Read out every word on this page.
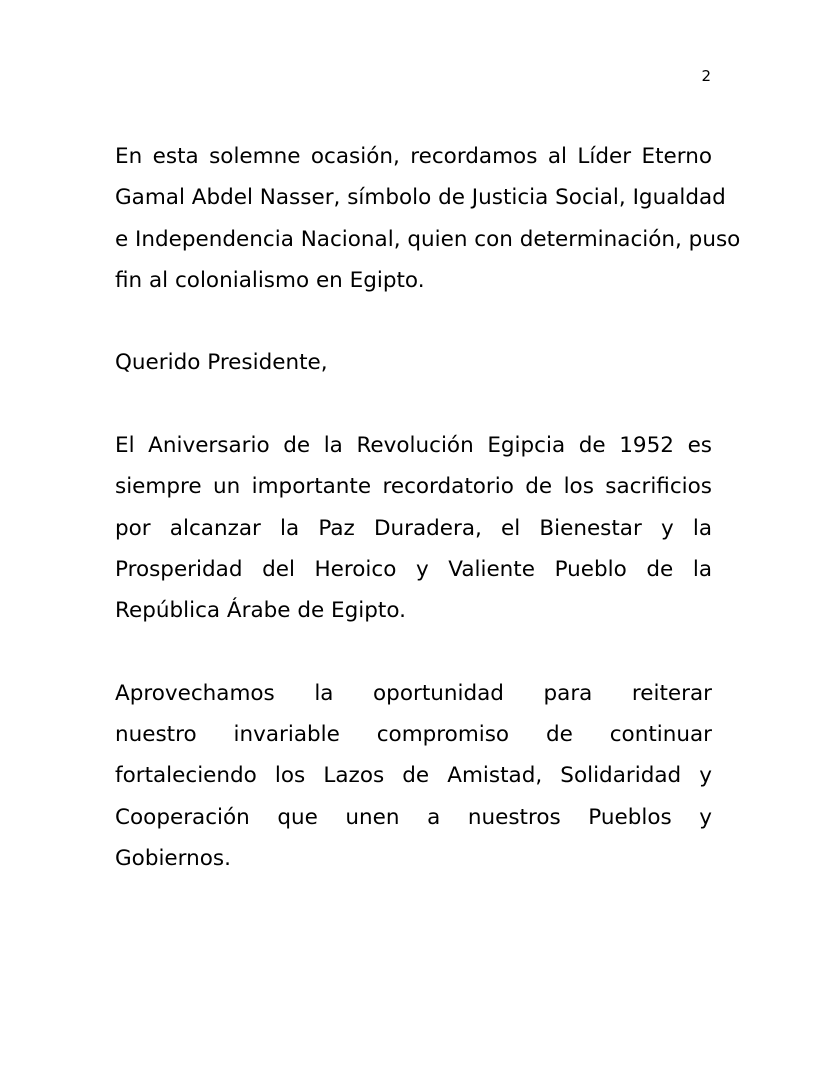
2
En esta solemne ocasión, recordamos al Líder Eterno
Gamal Abdel Nasser, símbolo de Justicia Social, Igualdad
e Independencia Nacional, quien con determinación, puso
fin al colonialismo en Egipto.
Querido Presidente,
El Aniversario de la Revolución Egipcia de 1952 es
siempre un importante recordatorio de los sacrificios
por alcanzar la Paz Duradera, el Bienestar y la
Prosperidad del Heroico y Valiente Pueblo de la
República Árabe de Egipto.
Aprovechamos la oportunidad para reiterar
nuestro invariable compromiso de continuar
fortaleciendo los Lazos de Amistad, Solidaridad y
Cooperación que unen a nuestros Pueblos y
Gobiernos.
